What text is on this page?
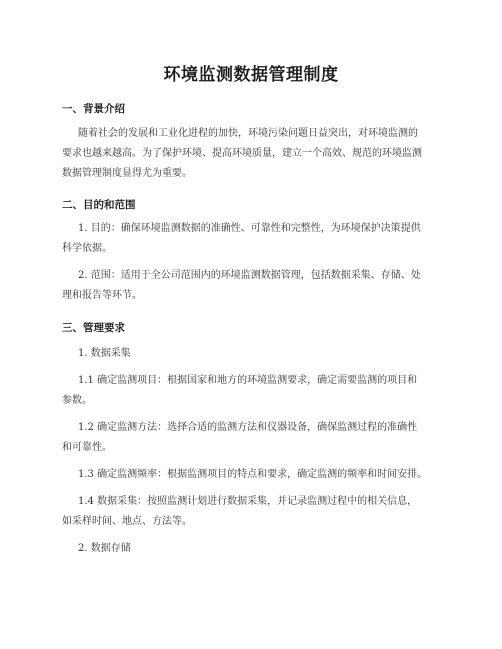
环境监测数据管理制度
一、背景介绍
随着社会的发展和工业化进程的加快，环境污染问题日益突出，对环境监测的
要求也越来越高。为了保护环境、提高环境质量，建立一个高效、规范的环境监测
数据管理制度显得尤为重要。
二、目的和范围
1. 目的：确保环境监测数据的准确性、可靠性和完整性，为环境保护决策提供
科学依据。
2. 范围：适用于全公司范围内的环境监测数据管理，包括数据采集、存储、处
理和报告等环节。
三、管理要求
1. 数据采集
1.1 确定监测项目：根据国家和地方的环境监测要求，确定需要监测的项目和
参数。
1.2 确定监测方法：选择合适的监测方法和仪器设备，确保监测过程的准确性
和可靠性。
1.3 确定监测频率：根据监测项目的特点和要求，确定监测的频率和时间安排。
1.4 数据采集：按照监测计划进行数据采集，并记录监测过程中的相关信息，
如采样时间、地点、方法等。
2. 数据存储
